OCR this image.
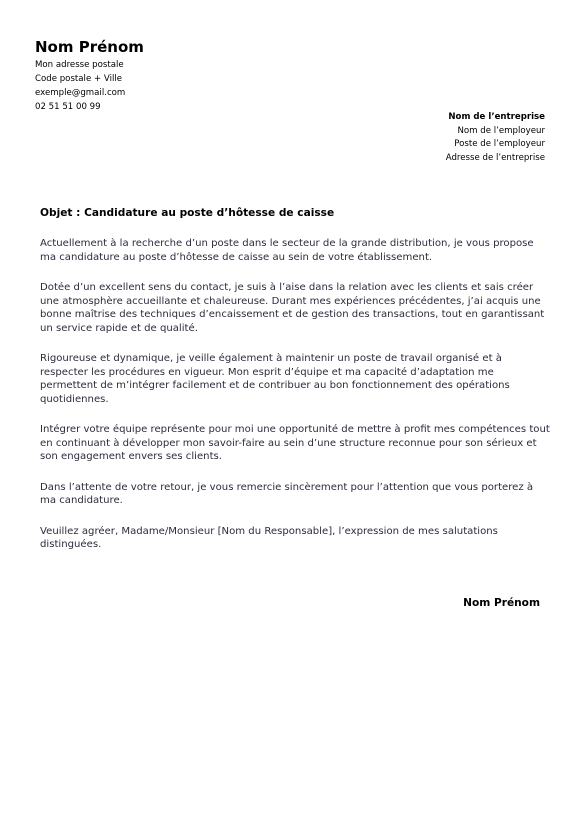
Nom Prénom
Mon adresse postale
Code postale + Ville
exemple@gmail.com
02 51 51 00 99
Nom de l’entreprise
Nom de l’employeur
Poste de l’employeur
Adresse de l’entreprise
Objet : Candidature au poste d’hôtesse de caisse

Actuellement à la recherche d’un poste dans le secteur de la grande distribution, je vous propose ma candidature au poste d’hôtesse de caisse au sein de votre établissement.

Dotée d’un excellent sens du contact, je suis à l’aise dans la relation avec les clients et sais créer une atmosphère accueillante et chaleureuse. Durant mes expériences précédentes, j’ai acquis une bonne maîtrise des techniques d’encaissement et de gestion des transactions, tout en garantissant un service rapide et de qualité.

Rigoureuse et dynamique, je veille également à maintenir un poste de travail organisé et à respecter les procédures en vigueur. Mon esprit d’équipe et ma capacité d’adaptation me permettent de m’intégrer facilement et de contribuer au bon fonctionnement des opérations quotidiennes.

Intégrer votre équipe représente pour moi une opportunité de mettre à profit mes compétences tout en continuant à développer mon savoir-faire au sein d’une structure reconnue pour son sérieux et son engagement envers ses clients.

Dans l’attente de votre retour, je vous remercie sincèrement pour l’attention que vous porterez à ma candidature.

Veuillez agréer, Madame/Monsieur [Nom du Responsable], l’expression de mes salutations distinguées.

Nom Prénom
